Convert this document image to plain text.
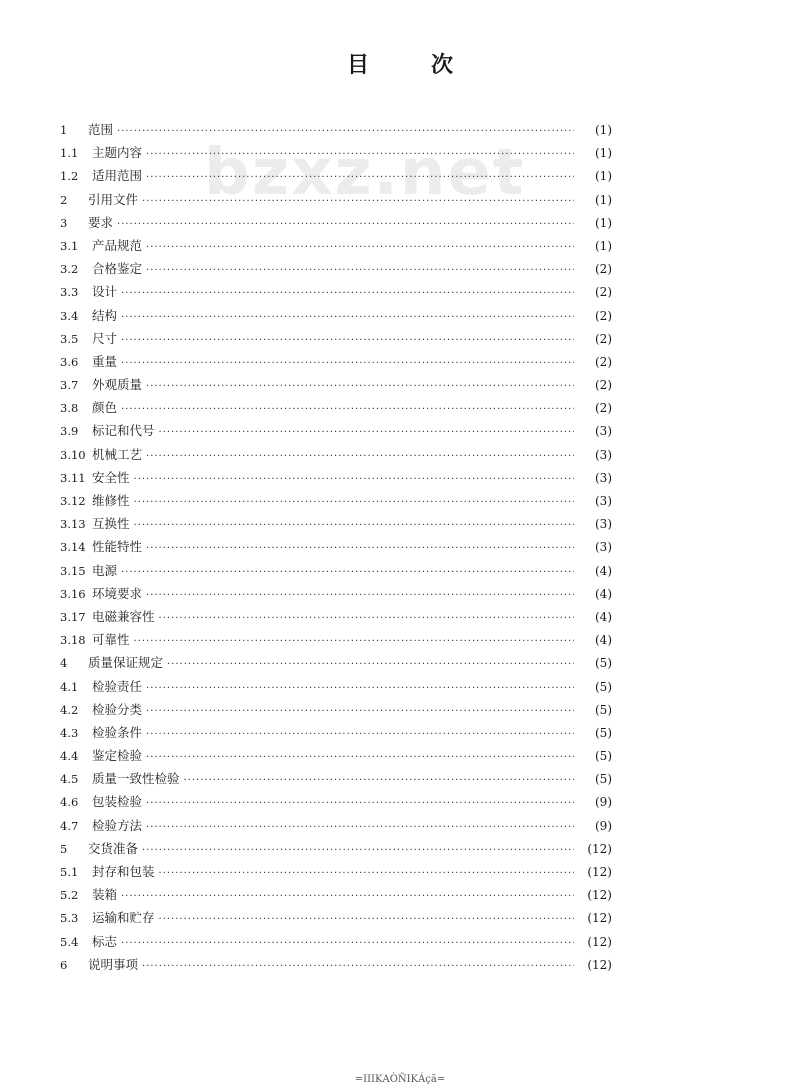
目	次
bzxz.net
1	范围 ·····	(1)
1.1	主题内容 ·····	(1)
1.2	适用范围 ·····	(1)
2	引用文件 ·····	(1)
3	要求 ·····	(1)
3.1	产品规范 ·····	(1)
3.2	合格鉴定 ·····	(2)
3.3	设计 ·····	(2)
3.4	结构 ·····	(2)
3.5	尺寸 ·····	(2)
3.6	重量 ·····	(2)
3.7	外观质量 ·····	(2)
3.8	颜色 ·····	(2)
3.9	标记和代号 ·····	(3)
3.10 机械工艺 ·····	(3)
3.11 安全性 ·····	(3)
3.12 维修性 ·····	(3)
3.13 互换性 ·····	(3)
3.14 性能特性 ·····	(3)
3.15 电源 ·····	(4)
3.16 环境要求 ·····	(4)
3.17 电磁兼容性 ·····	(4)
3.18 可靠性 ·····	(4)
4	质量保证规定 ·····	(5)
4.1	检验责任 ·····	(5)
4.2	检验分类 ·····	(5)
4.3	检验条件 ·····	(5)
4.4	鉴定检验 ·····	(5)
4.5	质量一致性检验 ·····	(5)
4.6	包装检验 ·····	(9)
4.7	检验方法 ·····	(9)
5	交货准备 ·····	(12)
5.1	封存和包装 ·····	(12)
5.2	装箱 ·····	(12)
5.3	运输和贮存 ·····	(12)
5.4	标志 ·····	(12)
6	说明事项 ·····	(12)
=ΙΙΙΚΑÒÑΙΚÁçã=
